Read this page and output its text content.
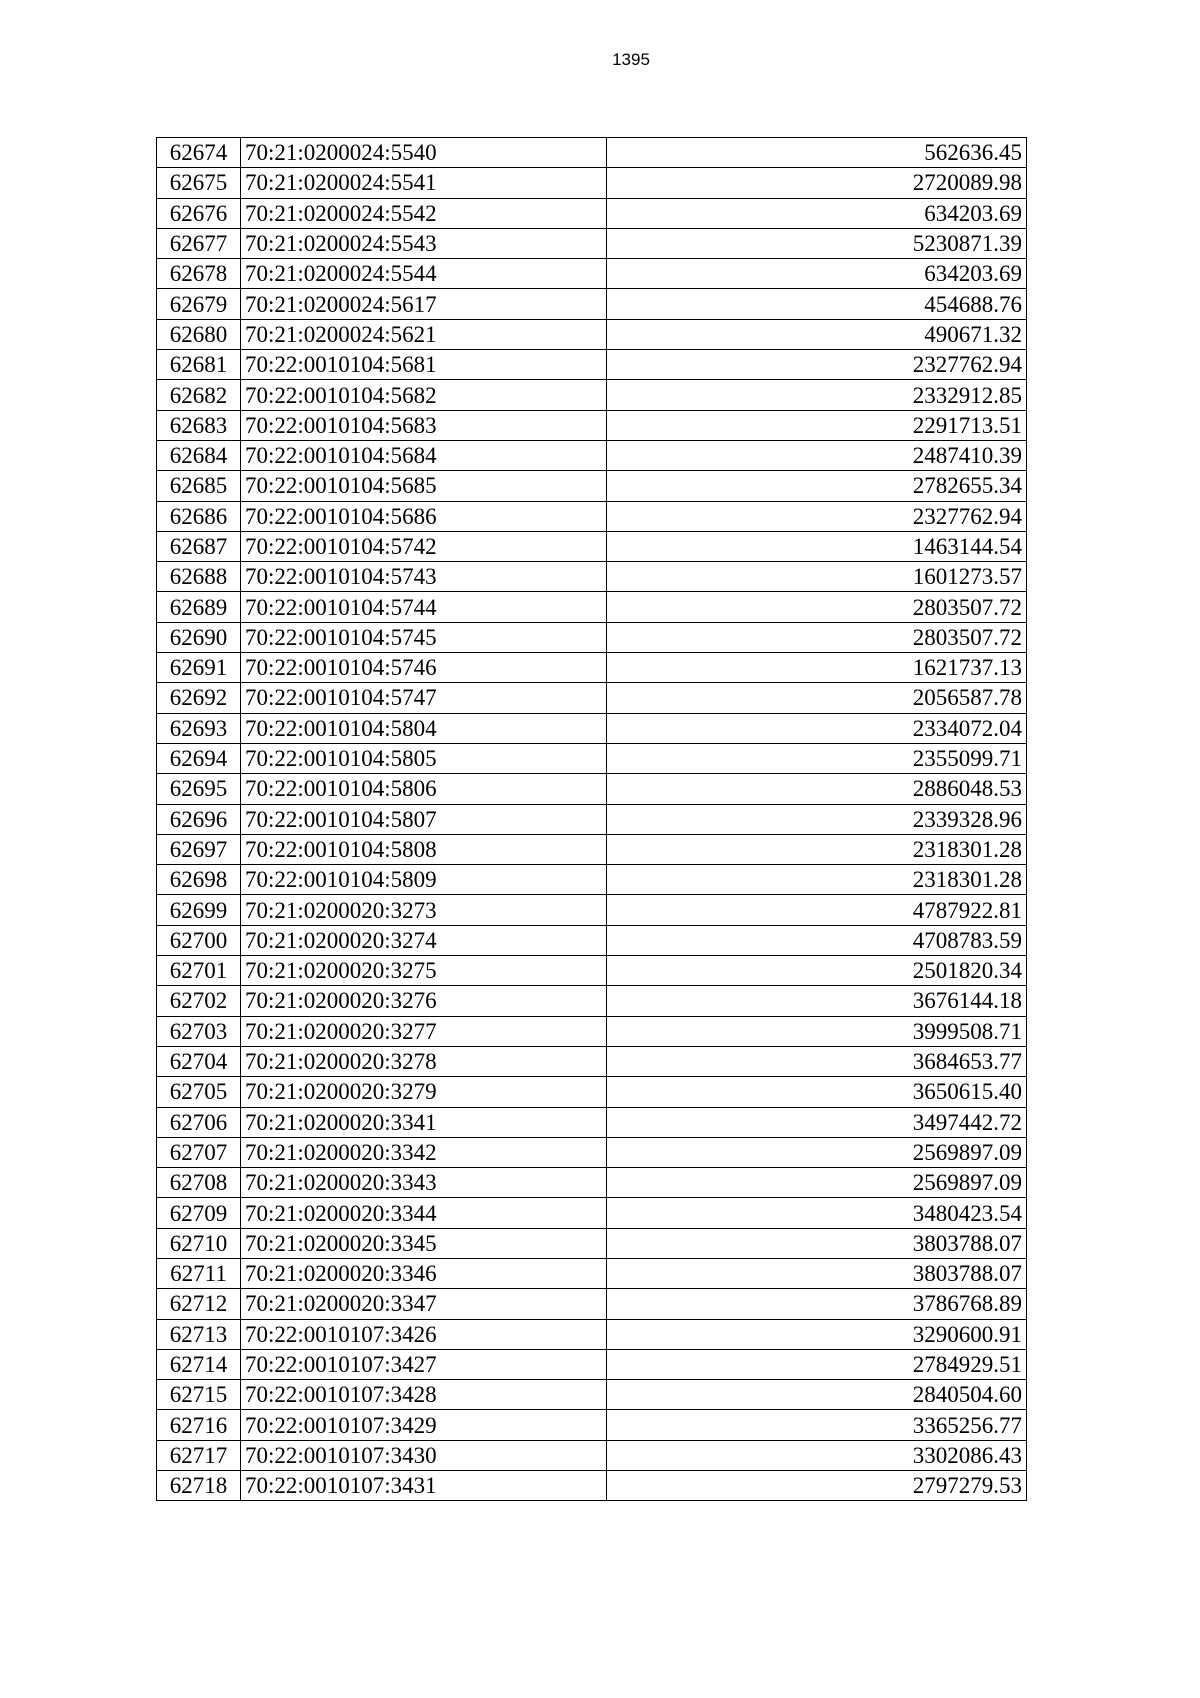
1395
62674	70:21:0200024:5540	562636.45
62675	70:21:0200024:5541	2720089.98
62676	70:21:0200024:5542	634203.69
62677	70:21:0200024:5543	5230871.39
62678	70:21:0200024:5544	634203.69
62679	70:21:0200024:5617	454688.76
62680	70:21:0200024:5621	490671.32
62681	70:22:0010104:5681	2327762.94
62682	70:22:0010104:5682	2332912.85
62683	70:22:0010104:5683	2291713.51
62684	70:22:0010104:5684	2487410.39
62685	70:22:0010104:5685	2782655.34
62686	70:22:0010104:5686	2327762.94
62687	70:22:0010104:5742	1463144.54
62688	70:22:0010104:5743	1601273.57
62689	70:22:0010104:5744	2803507.72
62690	70:22:0010104:5745	2803507.72
62691	70:22:0010104:5746	1621737.13
62692	70:22:0010104:5747	2056587.78
62693	70:22:0010104:5804	2334072.04
62694	70:22:0010104:5805	2355099.71
62695	70:22:0010104:5806	2886048.53
62696	70:22:0010104:5807	2339328.96
62697	70:22:0010104:5808	2318301.28
62698	70:22:0010104:5809	2318301.28
62699	70:21:0200020:3273	4787922.81
62700	70:21:0200020:3274	4708783.59
62701	70:21:0200020:3275	2501820.34
62702	70:21:0200020:3276	3676144.18
62703	70:21:0200020:3277	3999508.71
62704	70:21:0200020:3278	3684653.77
62705	70:21:0200020:3279	3650615.40
62706	70:21:0200020:3341	3497442.72
62707	70:21:0200020:3342	2569897.09
62708	70:21:0200020:3343	2569897.09
62709	70:21:0200020:3344	3480423.54
62710	70:21:0200020:3345	3803788.07
62711	70:21:0200020:3346	3803788.07
62712	70:21:0200020:3347	3786768.89
62713	70:22:0010107:3426	3290600.91
62714	70:22:0010107:3427	2784929.51
62715	70:22:0010107:3428	2840504.60
62716	70:22:0010107:3429	3365256.77
62717	70:22:0010107:3430	3302086.43
62718	70:22:0010107:3431	2797279.53
